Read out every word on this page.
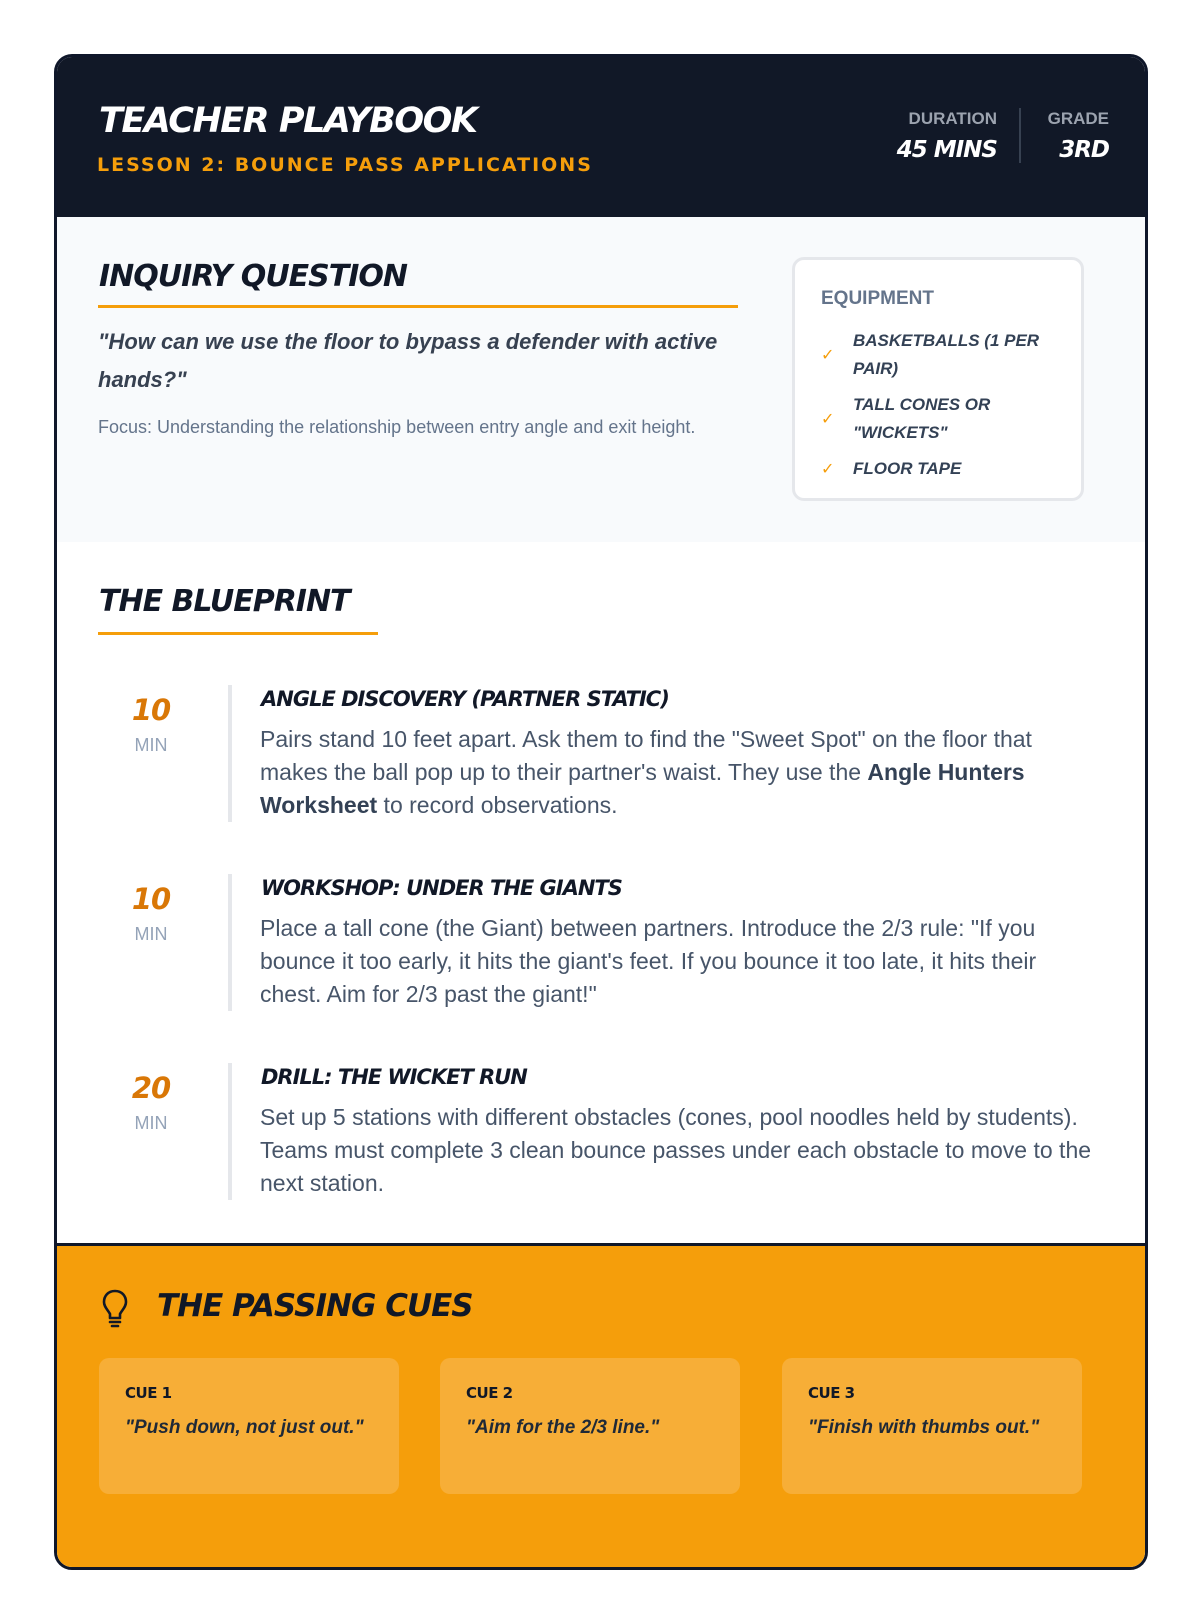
TEACHER PLAYBOOK
LESSON 2: BOUNCE PASS APPLICATIONS
DURATION
45 MINS
GRADE
3RD
INQUIRY QUESTION
"How can we use the floor to bypass a defender with active hands?"
Focus: Understanding the relationship between entry angle and exit height.
EQUIPMENT
✓
BASKETBALLS (1 PER PAIR)
✓
TALL CONES OR "WICKETS"
✓	FLOOR TAPE
THE BLUEPRINT
10
MIN
ANGLE DISCOVERY (PARTNER STATIC)
Pairs stand 10 feet apart. Ask them to find the "Sweet Spot" on the floor that makes the ball pop up to their partner's waist. They use the Angle Hunters Worksheet to record observations.
10
MIN
WORKSHOP: UNDER THE GIANTS
Place a tall cone (the Giant) between partners. Introduce the 2/3 rule: "If you bounce it too early, it hits the giant's feet. If you bounce it too late, it hits their chest. Aim for 2/3 past the giant!"
20
MIN
DRILL: THE WICKET RUN
Set up 5 stations with different obstacles (cones, pool noodles held by students). Teams must complete 3 clean bounce passes under each obstacle to move to the next station.
THE PASSING CUES
CUE 1
"Push down, not just out."
CUE 2
"Aim for the 2/3 line."
CUE 3
"Finish with thumbs out."
